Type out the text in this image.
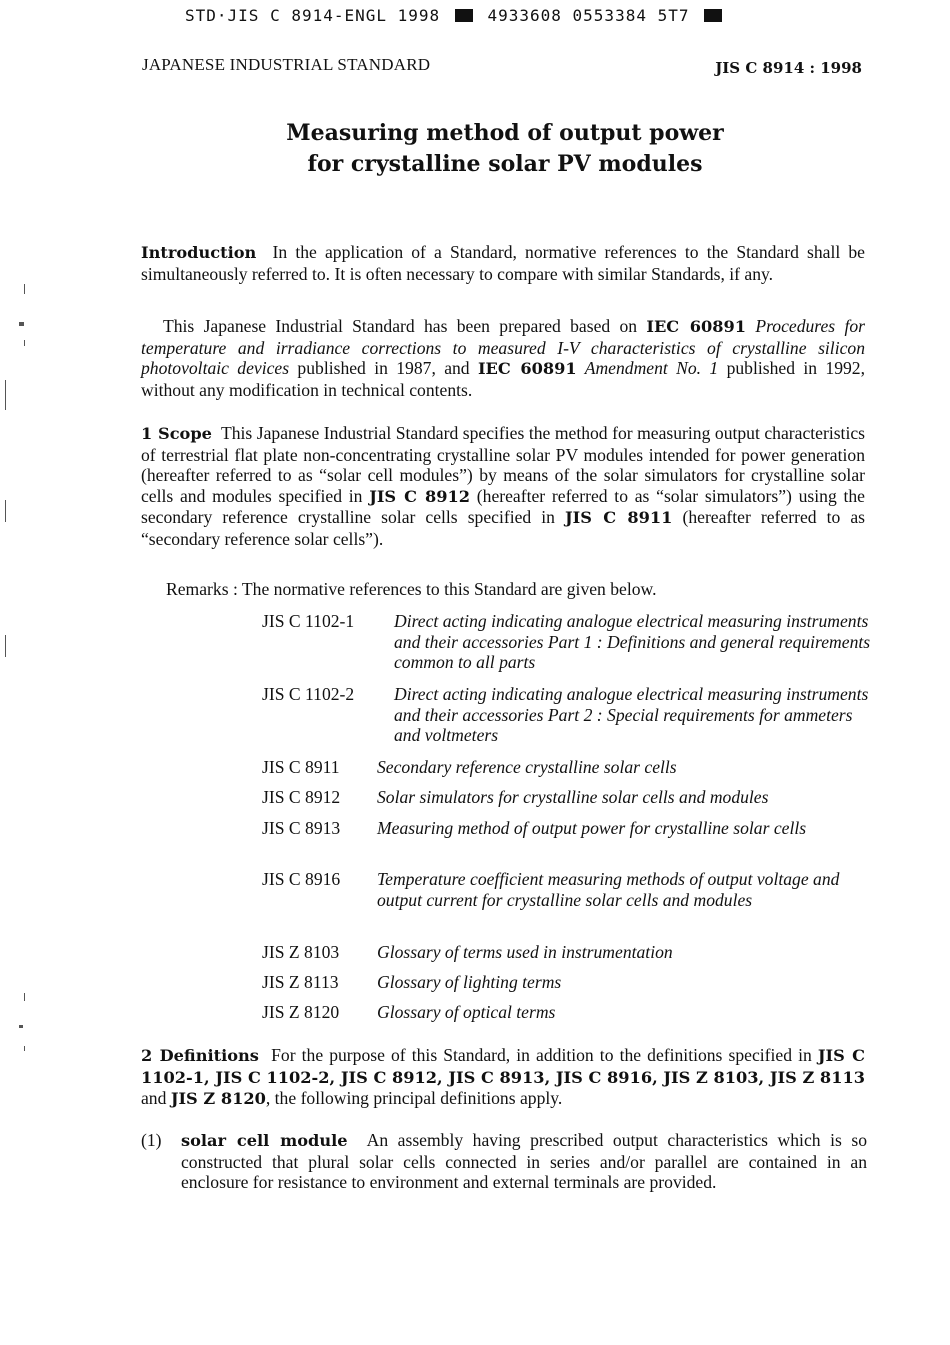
STD·JIS C 8914-ENGL 1998	4933608 0553384 5T7
JAPANESE INDUSTRIAL STANDARD	JIS C 8914 : 1998
Measuring method of output power
for crystalline solar PV modules
Introduction In the application of a Standard, normative references to the Standard shall be simultaneously referred to. It is often necessary to compare with similar Standards, if any.
This Japanese Industrial Standard has been prepared based on IEC 60891 Procedures for temperature and irradiance corrections to measured I-V characteristics of crystalline silicon photovoltaic devices published in 1987, and IEC 60891 Amendment No. 1 published in 1992, without any modification in technical contents.
1 Scope This Japanese Industrial Standard specifies the method for measuring output characteristics of terrestrial flat plate non-concentrating crystalline solar PV modules intended for power generation (hereafter referred to as “solar cell modules”) by means of the solar simulators for crystalline solar cells and modules specified in JIS C 8912 (hereafter referred to as “solar simulators”) using the secondary reference crystalline solar cells specified in JIS C 8911 (hereafter referred to as “secondary reference solar cells”).
Remarks : The normative references to this Standard are given below.
JIS C 1102-1	Direct acting indicating analogue electrical measuring instruments and their accessories Part 1 : Definitions and general requirements common to all parts
JIS C 1102-2	Direct acting indicating analogue electrical measuring instruments and their accessories Part 2 : Special requirements for ammeters and voltmeters
JIS C 8911	Secondary reference crystalline solar cells
JIS C 8912	Solar simulators for crystalline solar cells and modules
JIS C 8913	Measuring method of output power for crystalline solar cells
JIS C 8916	Temperature coefficient measuring methods of output voltage and output current for crystalline solar cells and modules
JIS Z 8103	Glossary of terms used in instrumentation
JIS Z 8113	Glossary of lighting terms
JIS Z 8120	Glossary of optical terms
2 Definitions For the purpose of this Standard, in addition to the definitions specified in JIS C 1102-1, JIS C 1102-2, JIS C 8912, JIS C 8913, JIS C 8916, JIS Z 8103, JIS Z 8113 and JIS Z 8120, the following principal definitions apply.
(1)	solar cell module An assembly having prescribed output characteristics which is so constructed that plural solar cells connected in series and/or parallel are contained in an enclosure for resistance to environment and external terminals are provided.
